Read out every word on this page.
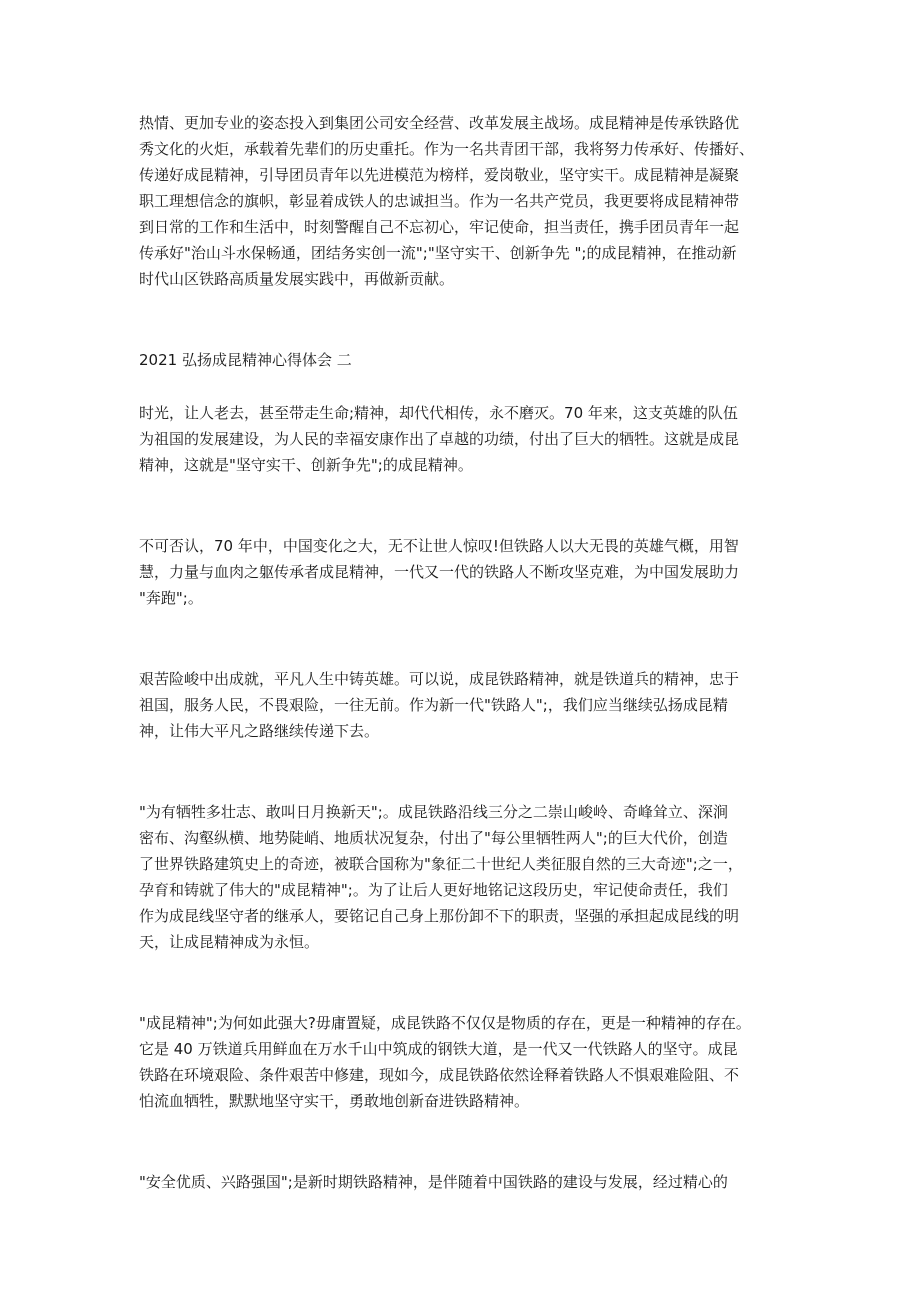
热情、更加专业的姿态投入到集团公司安全经营、改革发展主战场。成昆精神是传承铁路优
秀文化的火炬，承载着先辈们的历史重托。作为一名共青团干部，我将努力传承好、传播好、
传递好成昆精神，引导团员青年以先进模范为榜样，爱岗敬业，坚守实干。成昆精神是凝聚
职工理想信念的旗帜，彰显着成铁人的忠诚担当。作为一名共产党员，我更要将成昆精神带
到日常的工作和生活中，时刻警醒自己不忘初心，牢记使命，担当责任，携手团员青年一起
传承好"治山斗水保畅通，团结务实创一流";"坚守实干、创新争先 ";的成昆精神，在推动新
时代山区铁路高质量发展实践中，再做新贡献。
2021 弘扬成昆精神心得体会 二
时光，让人老去，甚至带走生命;精神，却代代相传，永不磨灭。70 年来，这支英雄的队伍
为祖国的发展建设，为人民的幸福安康作出了卓越的功绩，付出了巨大的牺牲。这就是成昆
精神，这就是"坚守实干、创新争先";的成昆精神。
不可否认，70 年中，中国变化之大，无不让世人惊叹!但铁路人以大无畏的英雄气概，用智
慧，力量与血肉之躯传承者成昆精神，一代又一代的铁路人不断攻坚克难，为中国发展助力
"奔跑";。
艰苦险峻中出成就，平凡人生中铸英雄。可以说，成昆铁路精神，就是铁道兵的精神，忠于
祖国，服务人民，不畏艰险，一往无前。作为新一代"铁路人";，我们应当继续弘扬成昆精
神，让伟大平凡之路继续传递下去。
"为有牺牲多壮志、敢叫日月换新天";。成昆铁路沿线三分之二崇山峻岭、奇峰耸立、深涧
密布、沟壑纵横、地势陡峭、地质状况复杂，付出了"每公里牺牲两人";的巨大代价，创造
了世界铁路建筑史上的奇迹，被联合国称为"象征二十世纪人类征服自然的三大奇迹";之一，
孕育和铸就了伟大的"成昆精神";。为了让后人更好地铭记这段历史，牢记使命责任，我们
作为成昆线坚守者的继承人，要铭记自己身上那份卸不下的职责，坚强的承担起成昆线的明
天，让成昆精神成为永恒。
"成昆精神";为何如此强大?毋庸置疑，成昆铁路不仅仅是物质的存在，更是一种精神的存在。
它是 40 万铁道兵用鲜血在万水千山中筑成的钢铁大道，是一代又一代铁路人的坚守。成昆
铁路在环境艰险、条件艰苦中修建，现如今，成昆铁路依然诠释着铁路人不惧艰难险阻、不
怕流血牺牲，默默地坚守实干，勇敢地创新奋进铁路精神。
"安全优质、兴路强国";是新时期铁路精神，是伴随着中国铁路的建设与发展，经过精心的
